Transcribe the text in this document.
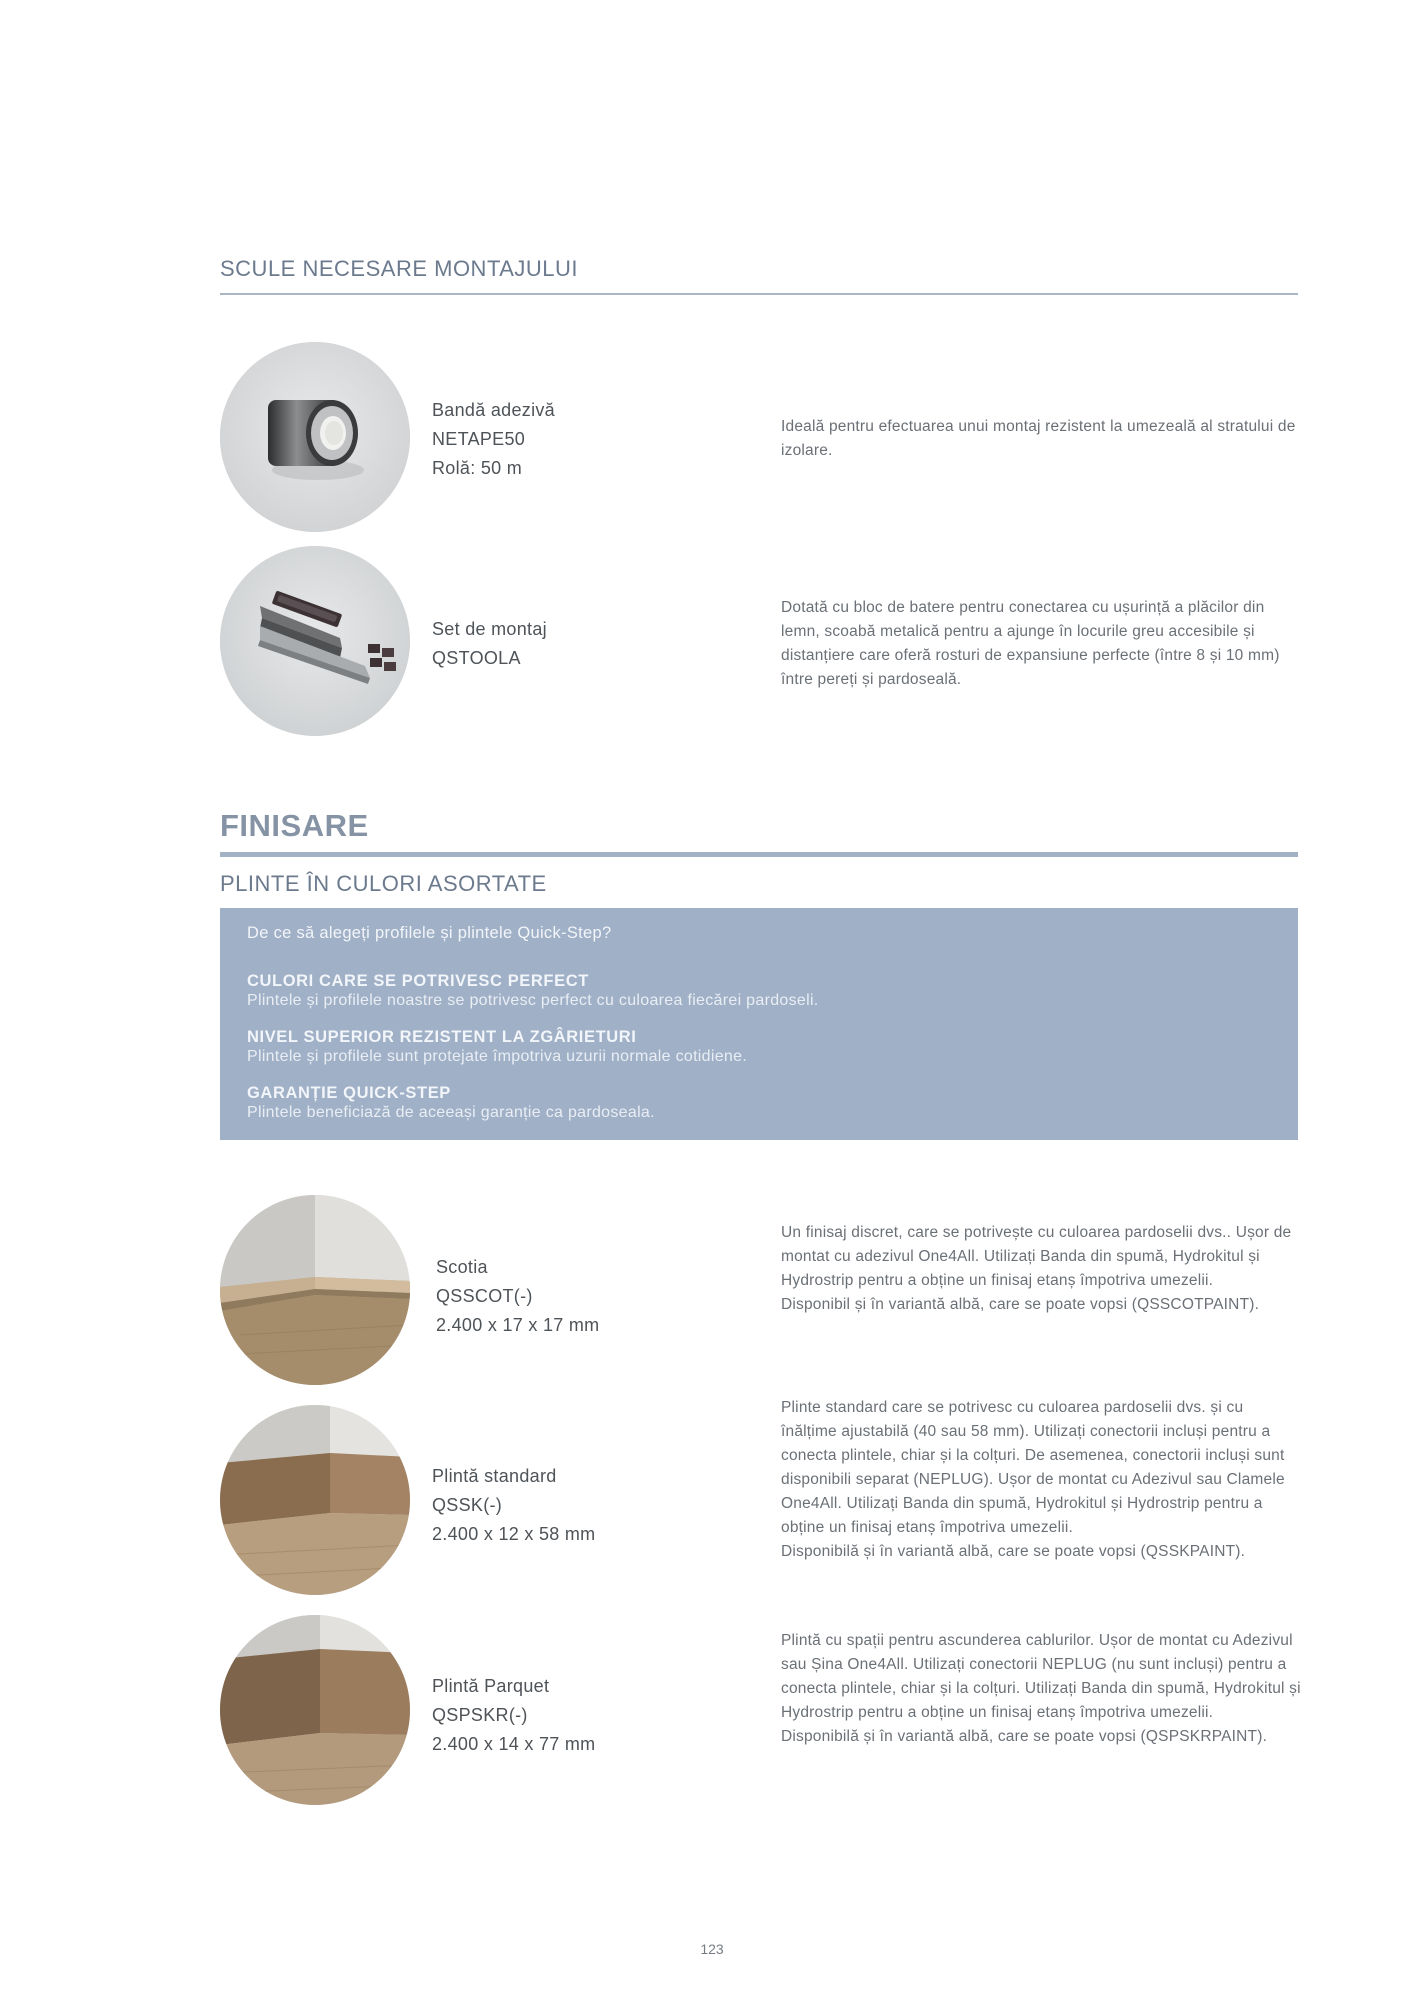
SCULE NECESARE MONTAJULUI
Bandă adezivă
NETAPE50
Rolă: 50 m

Ideală pentru efectuarea unui montaj rezistent la umezeală al stratului de izolare.

Set de montaj
QSTOOLA

Dotată cu bloc de batere pentru conectarea cu ușurință a plăcilor din lemn, scoabă metalică pentru a ajunge în locurile greu accesibile și distanțiere care oferă rosturi de expansiune perfecte (între 8 și 10 mm) între pereți și pardoseală.

FINISARE
PLINTE ÎN CULORI ASORTATE
De ce să alegeți profilele și plintele Quick-Step?
CULORI CARE SE POTRIVESC PERFECT
Plintele și profilele noastre se potrivesc perfect cu culoarea fiecărei pardoseli.
NIVEL SUPERIOR REZISTENT LA ZGÂRIETURI
Plintele și profilele sunt protejate împotriva uzurii normale cotidiene.
GARANȚIE QUICK-STEP
Plintele beneficiază de aceeași garanție ca pardoseala.
Scotia
QSSCOT(-)
2.400 x 17 x 17 mm

Un finisaj discret, care se potrivește cu culoarea pardoselii dvs.. Ușor de montat cu adezivul One4All. Utilizați Banda din spumă, Hydrokitul și Hydrostrip pentru a obține un finisaj etanș împotriva umezelii.

Disponibil și în variantă albă, care se poate vopsi (QSSCOTPAINT).

Plintă standard
QSSK(-)
2.400 x 12 x 58 mm

Plinte standard care se potrivesc cu culoarea pardoselii dvs. și cu înălțime ajustabilă (40 sau 58 mm). Utilizați conectorii incluși pentru a conecta plintele, chiar și la colțuri. De asemenea, conectorii incluși sunt disponibili separat (NEPLUG). Ușor de montat cu Adezivul sau Clamele One4All. Utilizați Banda din spumă, Hydrokitul și Hydrostrip pentru a obține un finisaj etanș împotriva umezelii.

Disponibilă și în variantă albă, care se poate vopsi (QSSKPAINT).

Plintă Parquet
QSPSKR(-)
2.400 x 14 x 77 mm

Plintă cu spații pentru ascunderea cablurilor. Ușor de montat cu Adezivul sau Șina One4All. Utilizați conectorii NEPLUG (nu sunt incluși) pentru a conecta plintele, chiar și la colțuri. Utilizați Banda din spumă, Hydrokitul și Hydrostrip pentru a obține un finisaj etanș împotriva umezelii.

Disponibilă și în variantă albă, care se poate vopsi (QSPSKRPAINT).

123
